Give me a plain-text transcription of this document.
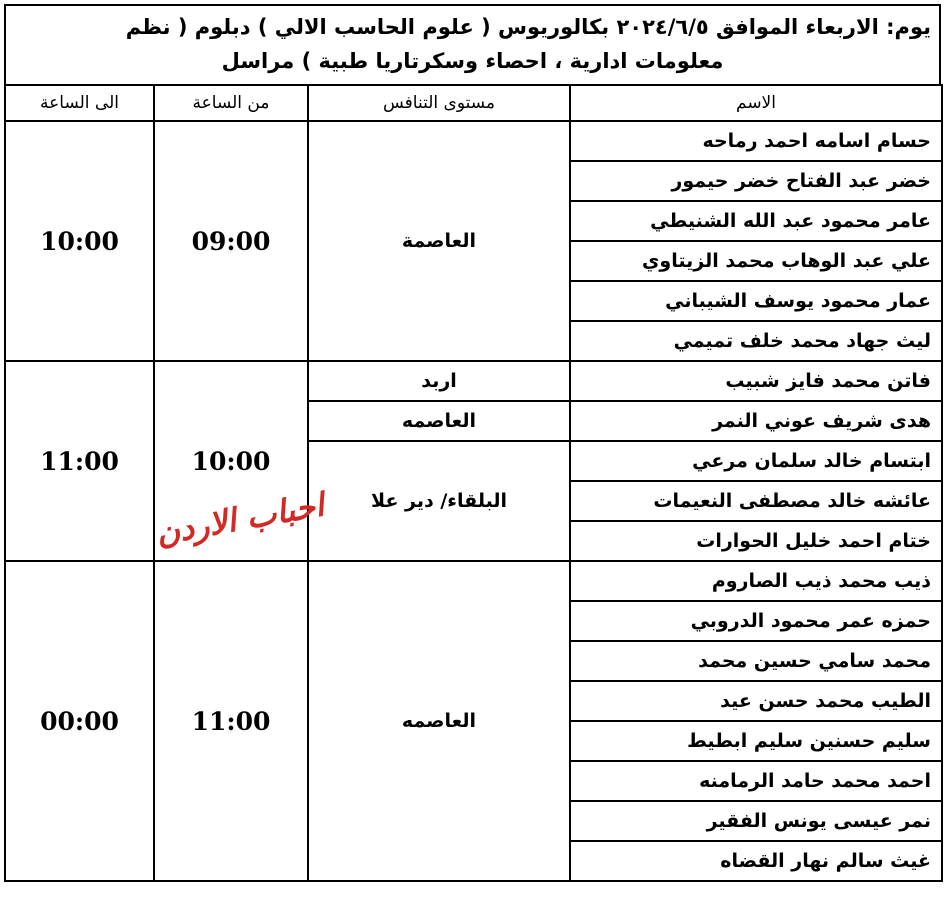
يوم: الاربعاء الموافق ٢٠٢٤/٦/٥ بكالوريوس ( علوم الحاسب الالي ) دبلوم ( نظم
معلومات ادارية ، احصاء وسكرتاريا طبية ) مراسل
الاسم	مستوى التنافس	من الساعة	الى الساعة
حسام اسامه احمد رماحه	العاصمة	09:00	10:00
خضر عبد الفتاح خضر حيمور			
عامر محمود عبد الله الشنيطي			
علي عبد الوهاب محمد الزيتاوي			
عمار محمود يوسف الشيباني			
ليث جهاد محمد خلف تميمي			
فاتن محمد فايز شبيب	اربد	10:00	11:00
هدى شريف عوني النمر	العاصمه		
ابتسام خالد سلمان مرعي	البلقاء/ دير علا		
عائشه خالد مصطفى النعيمات			
ختام احمد خليل الحوارات			
ذيب محمد ذيب الصاروم	العاصمه	11:00	00:00
حمزه عمر محمود الدروبي			
محمد سامي حسين محمد			
الطيب محمد حسن عيد			
سليم حسنين سليم ابطيط			
احمد محمد حامد الرمامنه			
نمر عيسى يونس الفقير			
غيث سالم نهار القضاه			
احباب الاردن
